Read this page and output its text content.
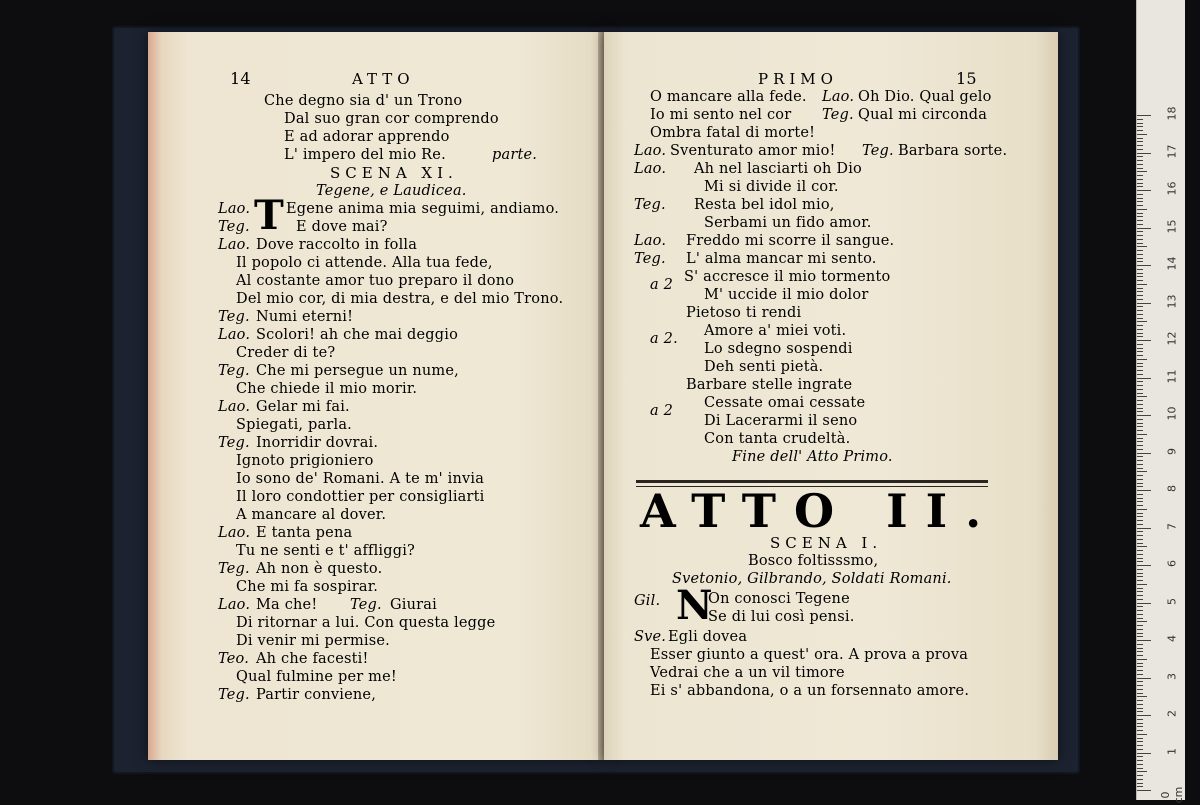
14	ATTO
Che degno sia d' un Trono
Dal suo gran cor comprendo
E ad adorar apprendo
L' impero del mio Re.	parte.
SCENA XI.
Tegene, e Laudicea.
Lao. T Egene anima mia seguimi, andiamo.
Teg.	E dove mai?
Lao. Dove raccolto in folla
Il popolo ci attende. Alla tua fede,
Al costante amor tuo preparo il dono
Del mio cor, di mia destra, e del mio Trono.
Teg. Numi eterni!
Lao. Scolori! ah che mai deggio
Creder di te?
Teg. Che mi persegue un nume,
Che chiede il mio morir.
Lao. Gelar mi fai.
Spiegati, parla.
Teg. Inorridir dovrai.
Ignoto prigioniero
Io sono de' Romani. A te m' invia
Il loro condottier per consigliarti
A mancare al dover.
Lao. E tanta pena
Tu ne senti e t' affliggi?
Teg. Ah non è questo.
Che mi fa sospirar.
Lao. Ma che! Teg. Giurai
Di ritornar a lui. Con questa legge
Di venir mi permise.
Teo. Ah che facesti!
Qual fulmine per me!
Teg. Partir conviene,
PRIMO	15
O mancare alla fede. Lao. Oh Dio. Qual gelo
Io mi sento nel cor Teg. Qual mi circonda
Ombra fatal di morte!
Lao. Sventurato amor mio! Teg. Barbara sorte.
Lao. Ah nel lasciarti oh Dio
Mi si divide il cor.
Teg. Resta bel idol mio,
Serbami un fido amor.
Lao. Freddo mi scorre il sangue.
Teg. L' alma mancar mi sento.
a 2 S' accresce il mio tormento
M' uccide il mio dolor
Pietoso ti rendi
a 2. Amore a' miei voti.
Lo sdegno sospendi
Deh senti pietà.
Barbare stelle ingrate
a 2 Cessate omai cessate
Di Lacerarmi il seno
Con tanta crudeltà.
Fine dell' Atto Primo.
ATTO II.
SCENA I.
Bosco foltisssmo,
Svetonio, Gilbrando, Soldati Romani.
Gil. N
On conosci Tegene
Se di lui così pensi.
Sve. Egli dovea
Esser giunto a quest' ora. A prova a prova
Vedrai che a un vil timore
Ei s' abbandona, o a un forsennato amore.
0 cm
1
2
3
4
5
6
7
8
9
10
11
12
13
14
15
16
17
18
